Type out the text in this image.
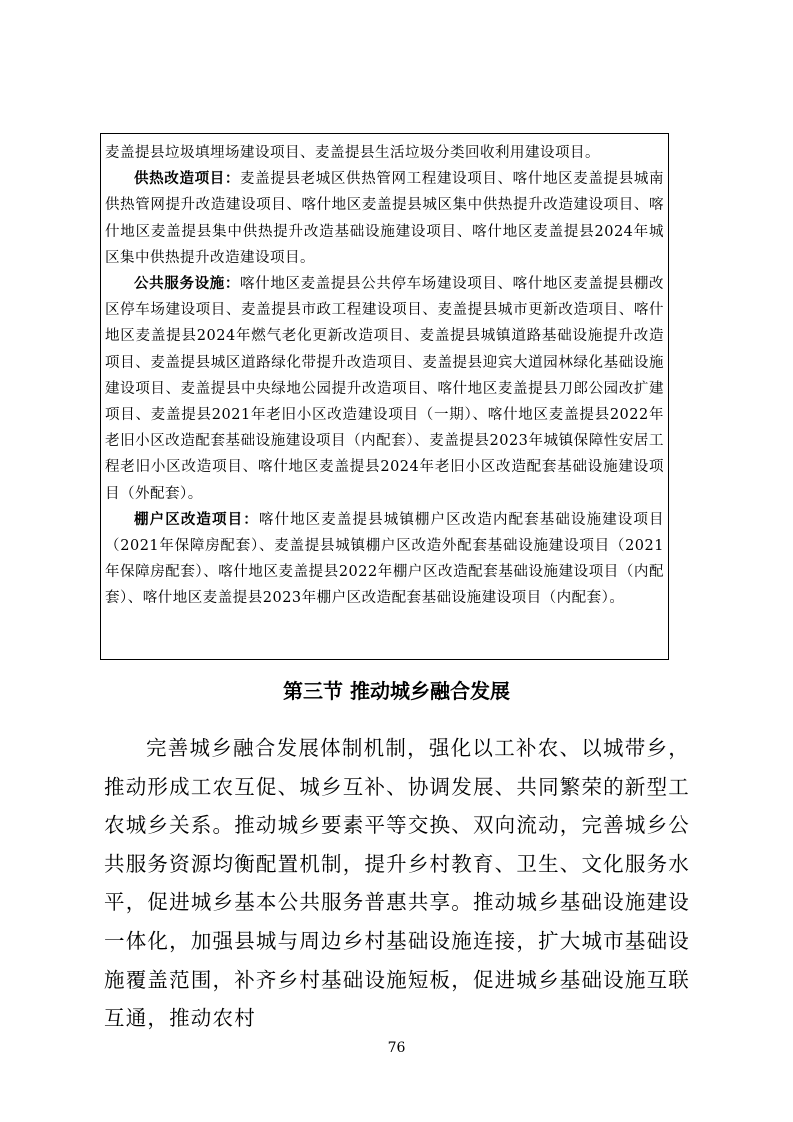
麦盖提县垃圾填埋场建设项目、麦盖提县生活垃圾分类回收利用建设项目。

供热改造项目：麦盖提县老城区供热管网工程建设项目、喀什地区麦盖提县城南供热管网提升改造建设项目、喀什地区麦盖提县城区集中供热提升改造建设项目、喀什地区麦盖提县集中供热提升改造基础设施建设项目、喀什地区麦盖提县2024年城区集中供热提升改造建设项目。

公共服务设施：喀什地区麦盖提县公共停车场建设项目、喀什地区麦盖提县棚改区停车场建设项目、麦盖提县市政工程建设项目、麦盖提县城市更新改造项目、喀什地区麦盖提县2024年燃气老化更新改造项目、麦盖提县城镇道路基础设施提升改造项目、麦盖提县城区道路绿化带提升改造项目、麦盖提县迎宾大道园林绿化基础设施建设项目、麦盖提县中央绿地公园提升改造项目、喀什地区麦盖提县刀郎公园改扩建项目、麦盖提县2021年老旧小区改造建设项目（一期）、喀什地区麦盖提县2022年老旧小区改造配套基础设施建设项目（内配套）、麦盖提县2023年城镇保障性安居工程老旧小区改造项目、喀什地区麦盖提县2024年老旧小区改造配套基础设施建设项目（外配套）。

棚户区改造项目：喀什地区麦盖提县城镇棚户区改造内配套基础设施建设项目（2021年保障房配套）、麦盖提县城镇棚户区改造外配套基础设施建设项目（2021年保障房配套）、喀什地区麦盖提县2022年棚户区改造配套基础设施建设项目（内配套）、喀什地区麦盖提县2023年棚户区改造配套基础设施建设项目（内配套）。

第三节 推动城乡融合发展

完善城乡融合发展体制机制，强化以工补农、以城带乡，推动形成工农互促、城乡互补、协调发展、共同繁荣的新型工农城乡关系。推动城乡要素平等交换、双向流动，完善城乡公共服务资源均衡配置机制，提升乡村教育、卫生、文化服务水平，促进城乡基本公共服务普惠共享。推动城乡基础设施建设一体化，加强县城与周边乡村基础设施连接，扩大城市基础设施覆盖范围，补齐乡村基础设施短板，促进城乡基础设施互联互通，推动农村

76
